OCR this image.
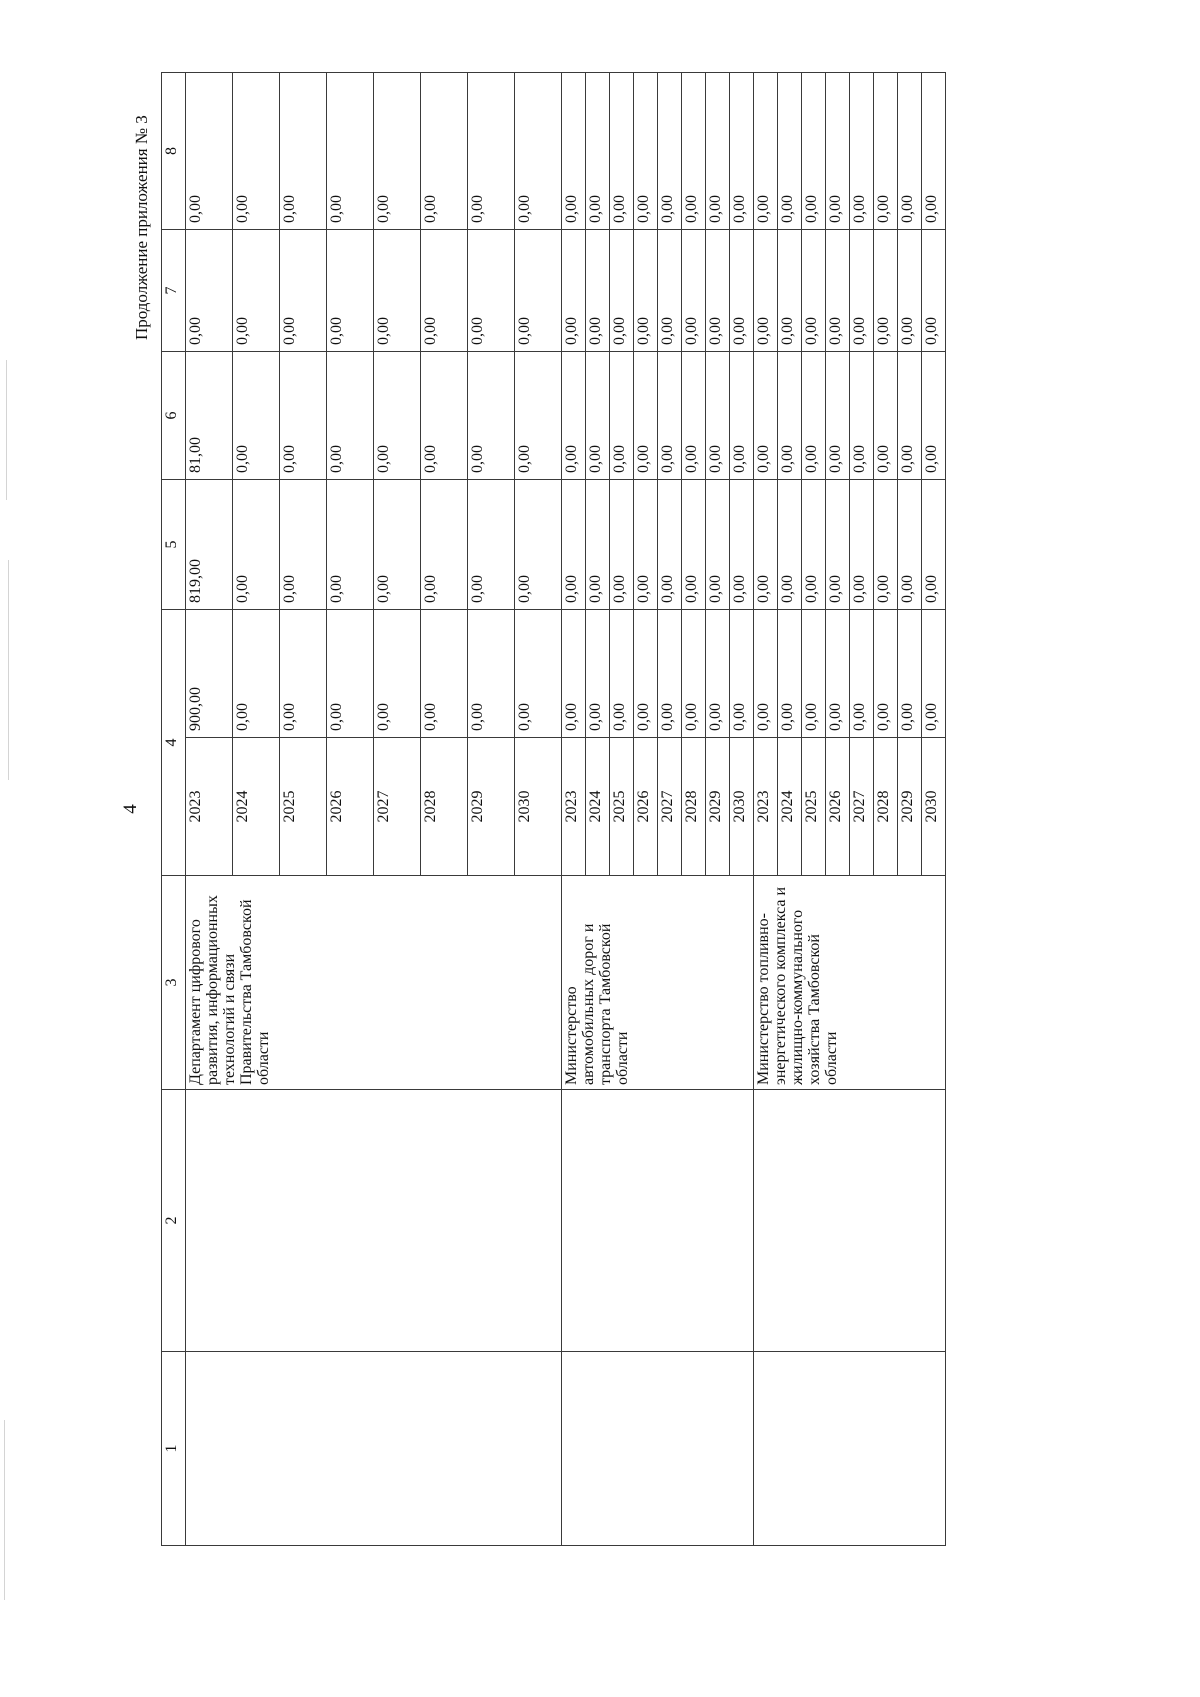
4
Продолжение приложения № 3
1	2	3	4		5	6	7	8
		Департамент цифрового развития, информационных технологий и связи Правительства Тамбовской области	2023	900,00	819,00	81,00	0,00	0,00
			2024	0,00	0,00	0,00	0,00	0,00
			2025	0,00	0,00	0,00	0,00	0,00
			2026	0,00	0,00	0,00	0,00	0,00
			2027	0,00	0,00	0,00	0,00	0,00
			2028	0,00	0,00	0,00	0,00	0,00
			2029	0,00	0,00	0,00	0,00	0,00
			2030	0,00	0,00	0,00	0,00	0,00
		Министерство автомобильных дорог и транспорта Тамбовской области	2023	0,00	0,00	0,00	0,00	0,00
			2024	0,00	0,00	0,00	0,00	0,00
			2025	0,00	0,00	0,00	0,00	0,00
			2026	0,00	0,00	0,00	0,00	0,00
			2027	0,00	0,00	0,00	0,00	0,00
			2028	0,00	0,00	0,00	0,00	0,00
			2029	0,00	0,00	0,00	0,00	0,00
			2030	0,00	0,00	0,00	0,00	0,00
		Министерство топливно-энергетического комплекса и жилищно-коммунального хозяйства Тамбовской области	2023	0,00	0,00	0,00	0,00	0,00
			2024	0,00	0,00	0,00	0,00	0,00
			2025	0,00	0,00	0,00	0,00	0,00
			2026	0,00	0,00	0,00	0,00	0,00
			2027	0,00	0,00	0,00	0,00	0,00
			2028	0,00	0,00	0,00	0,00	0,00
			2029	0,00	0,00	0,00	0,00	0,00
			2030	0,00	0,00	0,00	0,00	0,00
